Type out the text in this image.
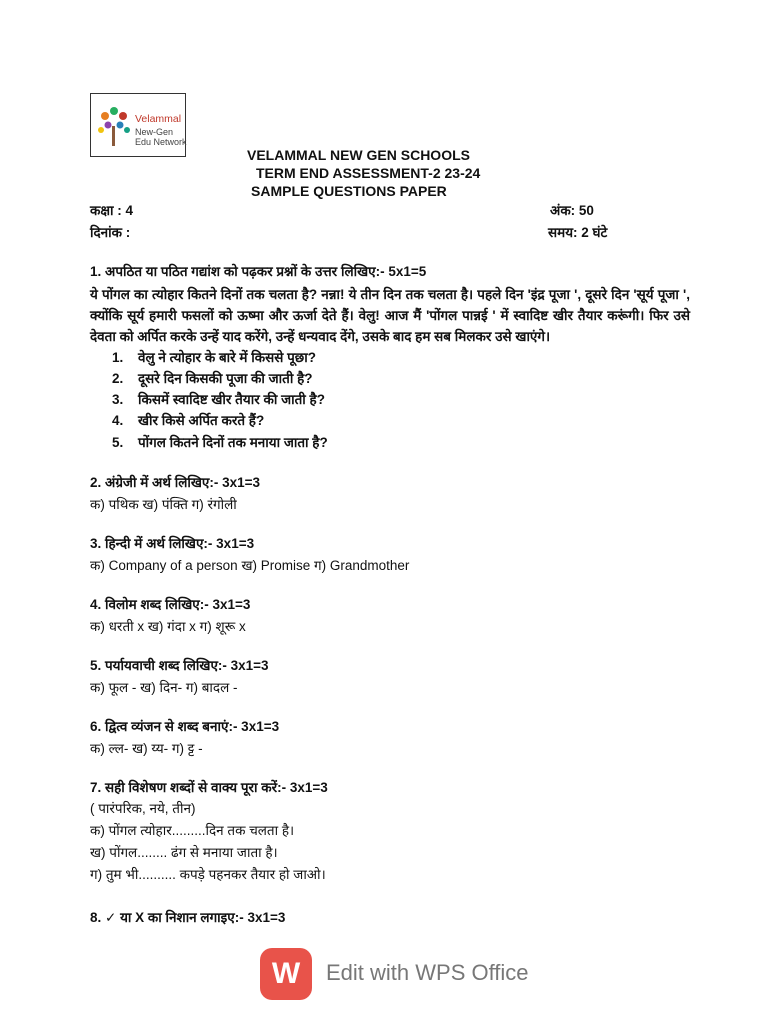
Velammal
New-Gen
Edu Network
VELAMMAL NEW GEN SCHOOLS
TERM END ASSESSMENT-2 23-24
SAMPLE QUESTIONS PAPER
कक्षा : 4	अंक: 50
दिनांक :	समय: 2 घंटे
1. अपठित या पठित गद्यांश को पढ़कर प्रश्नों के उत्तर लिखिए:- 5x1=5
ये पोंगल का त्योहार कितने दिनों तक चलता है? नन्ना! ये तीन दिन तक चलता है। पहले दिन 'इंद्र पूजा ', दूसरे दिन 'सूर्य पूजा ', क्योंकि सूर्य हमारी फसलों को ऊष्मा और ऊर्जा देते हैं। वेलु! आज मैं 'पोंगल पान्नई ' में स्वादिष्ट खीर तैयार करूंगी। फिर उसे देवता को अर्पित करके उन्हें याद करेंगे, उन्हें धन्यवाद देंगे, उसके बाद हम सब मिलकर उसे खाएंगे।
1. वेलु ने त्योहार के बारे में किससे पूछा?
2. दूसरे दिन किसकी पूजा की जाती है?
3. किसमें स्वादिष्ट खीर तैयार की जाती है?
4. खीर किसे अर्पित करते हैं?
5. पोंगल कितने दिनों तक मनाया जाता है?
2. अंग्रेजी में अर्थ लिखिए:- 3x1=3
क) पथिक ख) पंक्ति ग) रंगोली
3. हिन्दी में अर्थ लिखिए:- 3x1=3
क) Company of a person ख) Promise ग) Grandmother
4. विलोम शब्द लिखिए:- 3x1=3
क) धरती x ख) गंदा x ग) शूरू x
5. पर्यायवाची शब्द लिखिए:- 3x1=3
क) फूल - ख) दिन- ग) बादल -
6. द्वित्व व्यंजन से शब्द बनाएं:- 3x1=3
क) ल्ल- ख) य्य- ग) ट्ट -
7. सही विशेषण शब्दों से वाक्य पूरा करें:- 3x1=3
( पारंपरिक, नये, तीन)
क) पोंगल त्योहार.........दिन तक चलता है।
ख) पोंगल........ ढंग से मनाया जाता है।
ग) तुम भी.......... कपड़े पहनकर तैयार हो जाओ।
8. ✓ या X का निशान लगाइए:- 3x1=3
W	Edit with WPS Office
